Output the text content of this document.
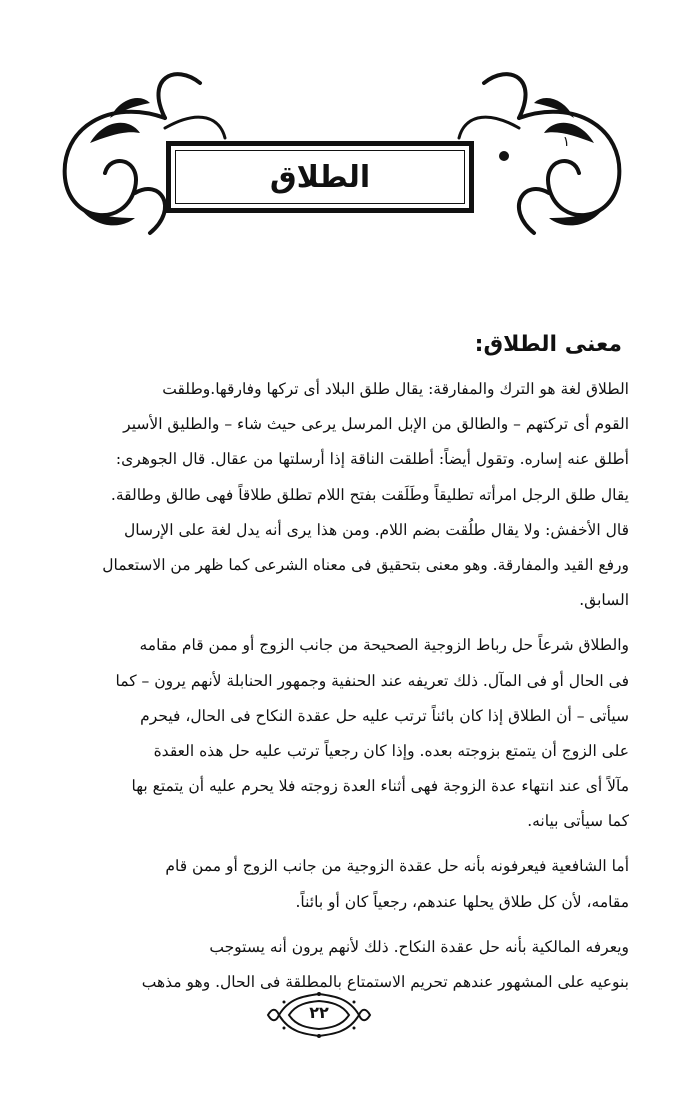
الطلاق
١
معنى الطلاق:
الطلاق لغة هو الترك والمفارقة: يقال طلق البلاد أى تركها وفارقها.وطلقت
القوم أى تركتهم – والطالق من الإبل المرسل يرعى حيث شاء – والطليق الأسير
أطلق عنه إساره. وتقول أيضاً: أطلقت الناقة إذا أرسلتها من عقال. قال الجوهرى:
يقال طلق الرجل امرأته تطليقاً وطَلَقت بفتح اللام تطلق طلاقاً فهى طالق وطالقة.
قال الأخفش: ولا يقال طلُقت بضم اللام. ومن هذا يرى أنه يدل لغة على الإرسال
ورفع القيد والمفارقة. وهو معنى بتحقيق فى معناه الشرعى كما ظهر من الاستعمال
السابق.
والطلاق شرعاً حل رباط الزوجية الصحيحة من جانب الزوج أو ممن قام مقامه
فى الحال أو فى المآل. ذلك تعريفه عند الحنفية وجمهور الحنابلة لأنهم يرون – كما
سيأتى – أن الطلاق إذا كان بائناً ترتب عليه حل عقدة النكاح فى الحال، فيحرم
على الزوج أن يتمتع بزوجته بعده. وإذا كان رجعياً ترتب عليه حل هذه العقدة
مآلاً أى عند انتهاء عدة الزوجة فهى أثناء العدة زوجته فلا يحرم عليه أن يتمتع بها
كما سيأتى بيانه.
أما الشافعية فيعرفونه بأنه حل عقدة الزوجية من جانب الزوج أو ممن قام
مقامه، لأن كل طلاق يحلها عندهم، رجعياً كان أو بائناً.
ويعرفه المالكية بأنه حل عقدة النكاح. ذلك لأنهم يرون أنه يستوجب
بنوعيه على المشهور عندهم تحريم الاستمتاع بالمطلقة فى الحال. وهو مذهب
٢٢
